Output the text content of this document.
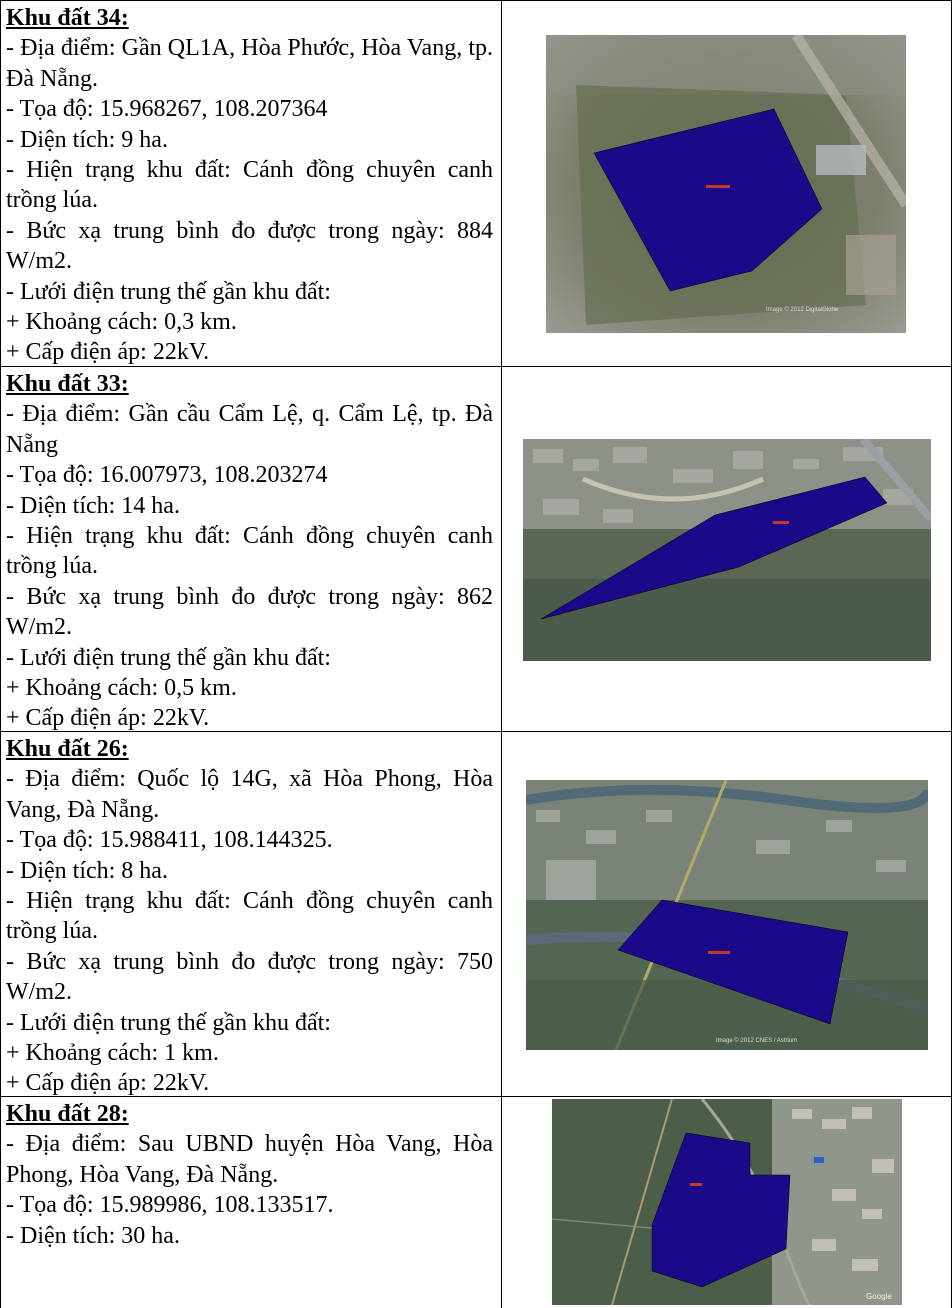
Khu đất 34:

- Địa điểm: Gần QL1A, Hòa Phước, Hòa Vang, tp. Đà Nẵng.

- Tọa độ: 15.968267, 108.207364

- Diện tích: 9 ha.

- Hiện trạng khu đất: Cánh đồng chuyên canh trồng lúa.

- Bức xạ trung bình đo được trong ngày: 884 W/m2.

- Lưới điện trung thế gần khu đất:

+ Khoảng cách: 0,3 km.

+ Cấp điện áp: 22kV.

Image © 2012 DigitalGlobe

Khu đất 33:

- Địa điểm: Gần cầu Cẩm Lệ, q. Cẩm Lệ, tp. Đà Nẵng

- Tọa độ: 16.007973, 108.203274

- Diện tích: 14 ha.

- Hiện trạng khu đất: Cánh đồng chuyên canh trồng lúa.

- Bức xạ trung bình đo được trong ngày: 862 W/m2.

- Lưới điện trung thế gần khu đất:

+ Khoảng cách: 0,5 km.

+ Cấp điện áp: 22kV.

Khu đất 26:

- Địa điểm: Quốc lộ 14G, xã Hòa Phong, Hòa Vang, Đà Nẵng.

- Tọa độ: 15.988411, 108.144325.

- Diện tích: 8 ha.

- Hiện trạng khu đất: Cánh đồng chuyên canh trồng lúa.

- Bức xạ trung bình đo được trong ngày: 750 W/m2.

- Lưới điện trung thế gần khu đất:

+ Khoảng cách: 1 km.

+ Cấp điện áp: 22kV.

Image © 2012 CNES / Astrium

Khu đất 28:

- Địa điểm: Sau UBND huyện Hòa Vang, Hòa Phong, Hòa Vang, Đà Nẵng.

- Tọa độ: 15.989986, 108.133517.

- Diện tích: 30 ha.

Google
